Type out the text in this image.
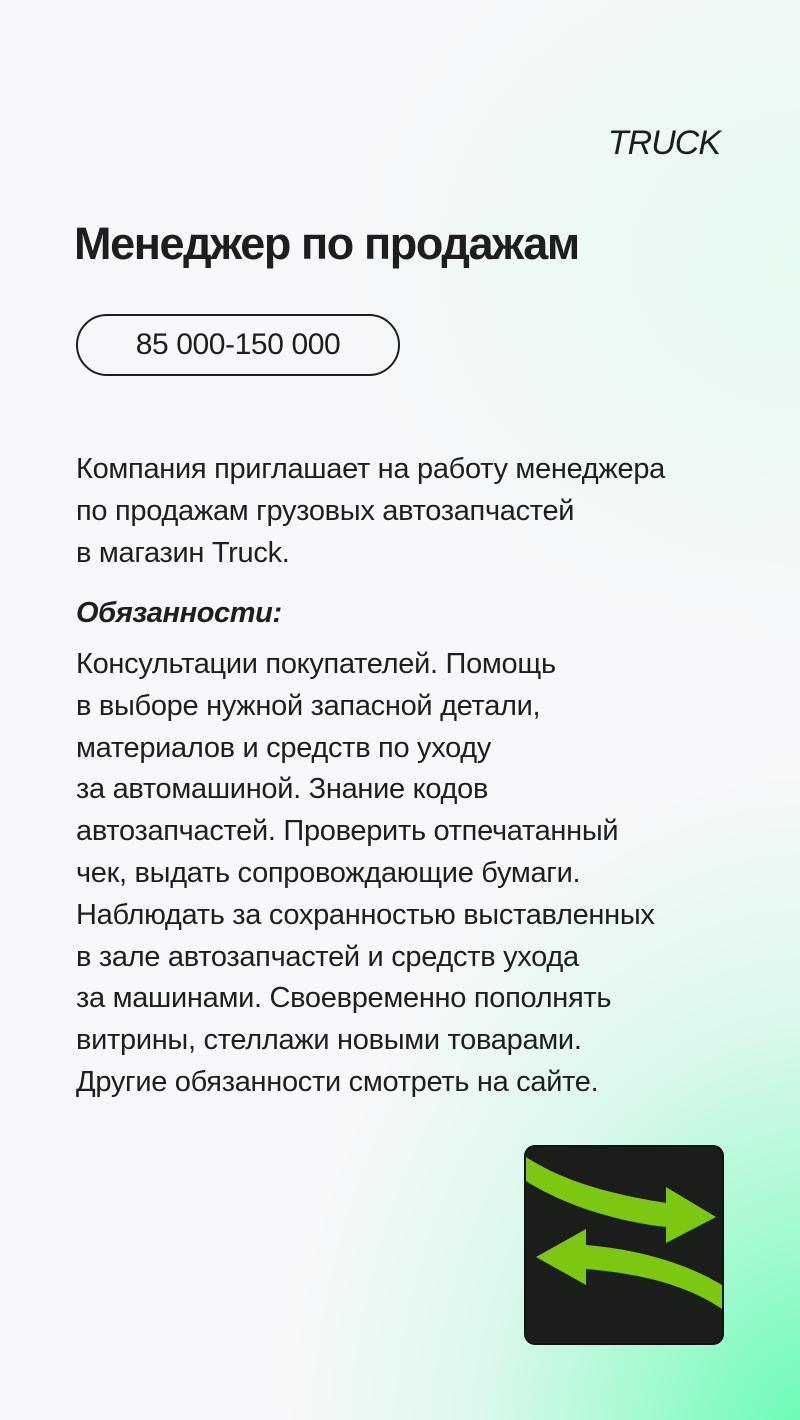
TRUCK
Менеджер по продажам
85 000-150 000
Компания приглашает на работу менеджера
по продажам грузовых автозапчастей
в магазин Truck.
Обязанности:
Консультации покупателей. Помощь
в выборе нужной запасной детали,
материалов и средств по уходу
за автомашиной. Знание кодов
автозапчастей. Проверить отпечатанный
чек, выдать сопровождающие бумаги.
Наблюдать за сохранностью выставленных
в зале автозапчастей и средств ухода
за машинами. Своевременно пополнять
витрины, стеллажи новыми товарами.
Другие обязанности смотреть на сайте.
